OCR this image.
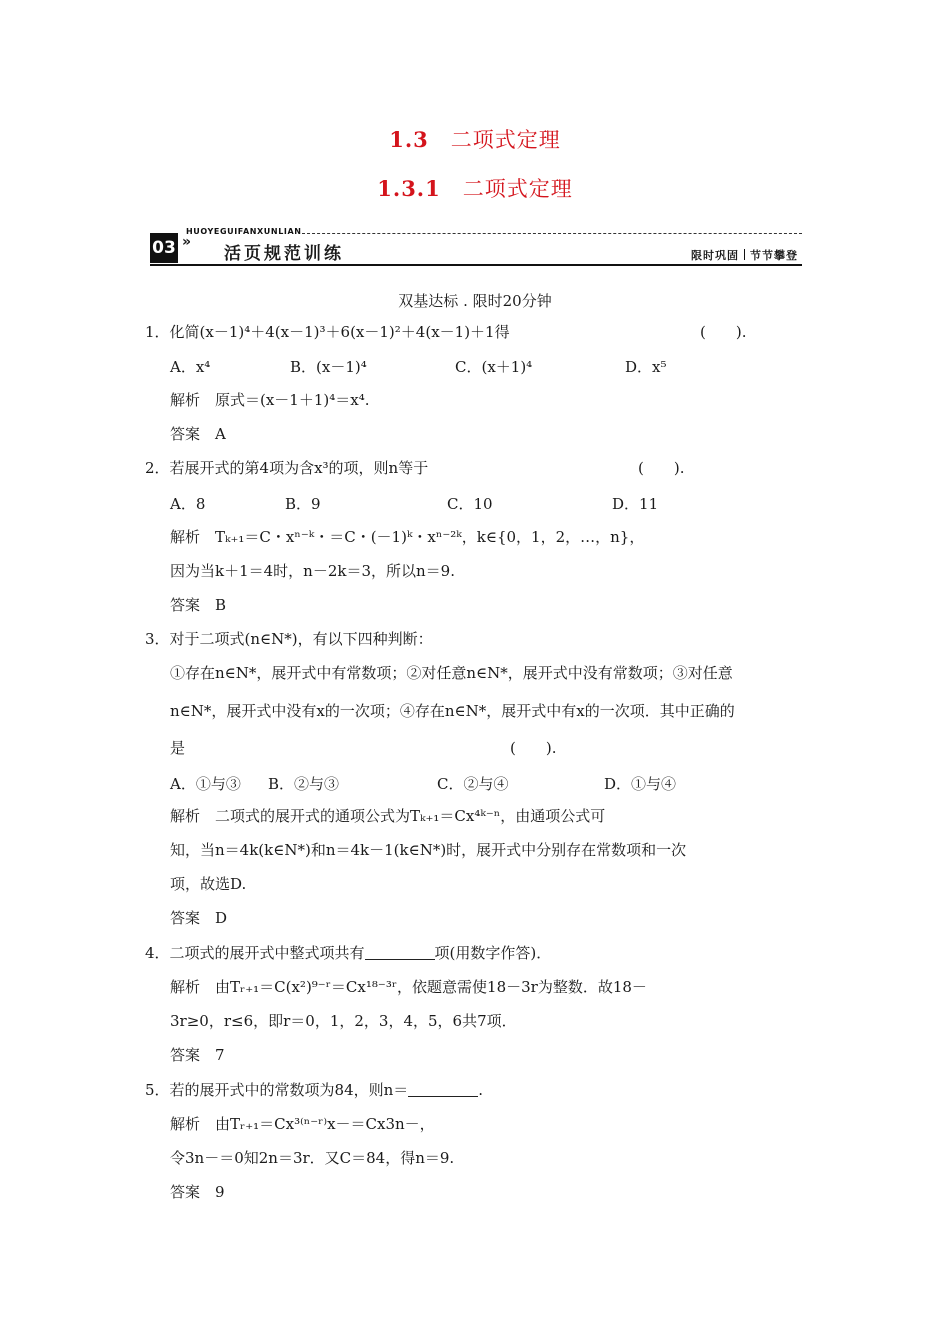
1.3 二项式定理
1.3.1 二项式定理
HUOYEGUIFANXUNLIAN
03 »
活页规范训练	限时巩固 节节攀登
双基达标 . 限时20分钟
1．化简(x－1)⁴＋4(x－1)³＋6(x－1)²＋4(x－1)＋1得	(　　).
A．x⁴	B．(x－1)⁴	C．(x＋1)⁴	D．x⁵
解析　原式＝(x－1＋1)⁴＝x⁴.
答案　A
2．若展开式的第4项为含x³的项，则n等于	(　　).
A．8	B．9	C．10	D．11
解析　Tₖ₊₁＝C・xⁿ⁻ᵏ・＝C・(－1)ᵏ・xⁿ⁻²ᵏ，k∈{0，1，2，…，n}，
因为当k＋1＝4时，n－2k＝3，所以n＝9.
答案　B
3．对于二项式(n∈N*)，有以下四种判断：
①存在n∈N*，展开式中有常数项；②对任意n∈N*，展开式中没有常数项；③对任意
n∈N*，展开式中没有x的一次项；④存在n∈N*，展开式中有x的一次项．其中正确的
是	(　　).
A．①与③ B．②与③	C．②与④	D．①与④
解析　二项式的展开式的通项公式为Tₖ₊₁＝Cx⁴ᵏ⁻ⁿ，由通项公式可
知，当n＝4k(k∈N*)和n＝4k－1(k∈N*)时，展开式中分别存在常数项和一次
项，故选D.
答案　D
4．二项式的展开式中整式项共有	项(用数字作答)．
解析　由Tᵣ₊₁＝C(x²)⁹⁻ʳ＝Cx¹⁸⁻³ʳ，依题意需使18－3r为整数．故18－
3r≥0，r≤6，即r＝0，1，2，3，4，5，6共7项．
答案　7
5．若的展开式中的常数项为84，则n＝	.
解析　由Tᵣ₊₁＝Cx³⁽ⁿ⁻ʳ⁾x－＝Cx3n－，
令3n－＝0知2n＝3r．又C＝84，得n＝9.
答案　9
